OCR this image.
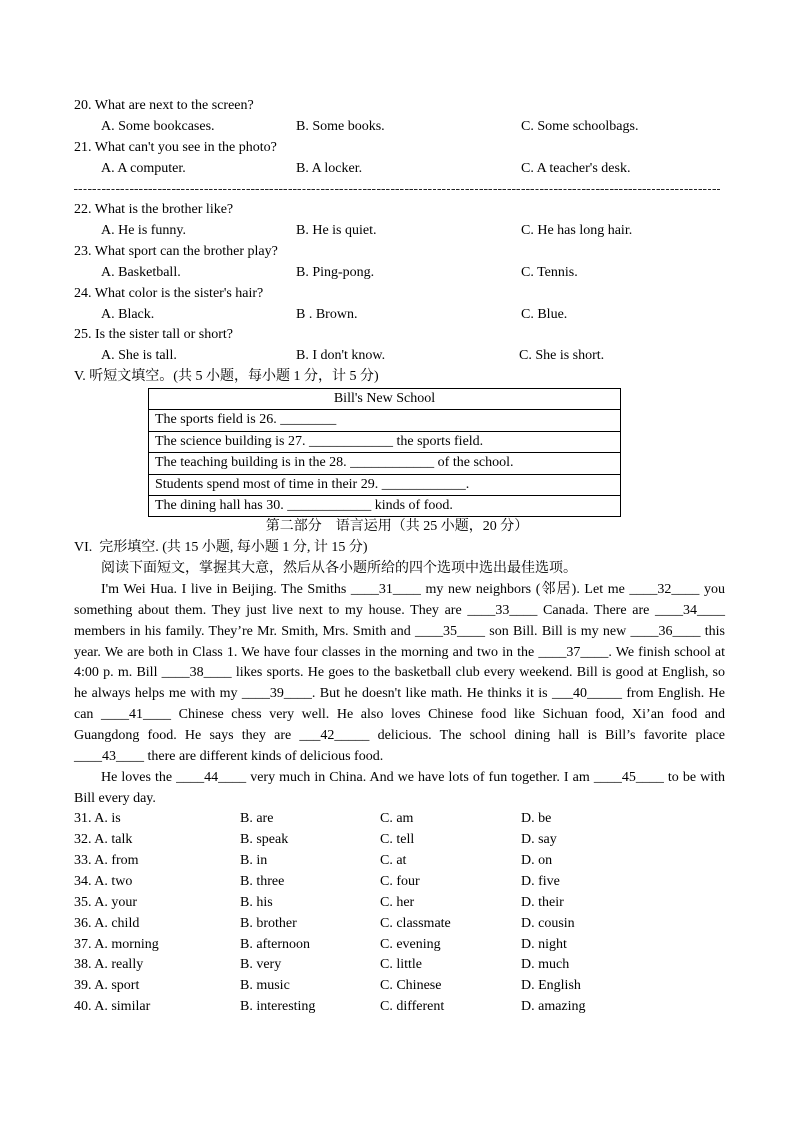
20. What are next to the screen?
A. Some bookcases.	B. Some books.	C. Some schoolbags.
21. What can't you see in the photo?
A. A computer.	B. A locker.	C. A teacher's desk.
22. What is the brother like?
A. He is funny.	B. He is quiet.	C. He has long hair.
23. What sport can the brother play?
A. Basketball.	B. Ping-pong.	C. Tennis.
24. What color is the sister's hair?
A. Black.	B . Brown.	C. Blue.
25. Is the sister tall or short?
A. She is tall.	B. I don't know.	C. She is short.
V. 听短文填空。(共 5 小题，每小题 1 分，计 5 分)
Bill's New School
The sports field is 26. ________
The science building is 27. ____________ the sports field.
The teaching building is in the 28. ____________ of the school.
Students spend most of time in their 29. ____________.
The dining hall has 30. ____________ kinds of food.
第二部分　语言运用（共 25 小题，20 分）
VI.  完形填空. (共 15 小题, 每小题 1 分, 计 15 分)
阅读下面短文，掌握其大意，然后从各小题所给的四个选项中选出最佳选项。
I'm Wei Hua. I live in Beijing. The Smiths ____31____ my new neighbors (邻居). Let me ____32____ you
something about them. They just live next to my house. They are ____33____ Canada. There are ____34____
members in his family. They’re Mr. Smith, Mrs. Smith and ____35____ son Bill. Bill is my new ____36____ this
year. We are both in Class 1. We have four classes in the morning and two in the ____37____. We finish school at
4:00 p. m. Bill ____38____ likes sports. He goes to the basketball club every weekend. Bill is good at English, so
he always helps me with my ____39____. But he doesn't like math. He thinks it is ___40_____ from English. He
can ____41____ Chinese chess very well. He also loves Chinese food like Sichuan food, Xi’an food and
Guangdong food. He says they are ___42_____ delicious. The school dining hall is Bill’s favorite place
____43____ there are different kinds of delicious food.
He loves the ____44____ very much in China. And we have lots of fun together. I am ____45____ to be with
Bill every day.
31. A. is	B. are	C. am	D. be
32. A. talk	B. speak	C. tell	D. say
33. A. from	B. in	C. at	D. on
34. A. two	B. three	C. four	D. five
35. A. your	B. his	C. her	D. their
36. A. child	B. brother	C. classmate	D. cousin
37. A. morning	B. afternoon	C. evening	D. night
38. A. really	B. very	C. little	D. much
39. A. sport	B. music	C. Chinese	D. English
40. A. similar	B. interesting	C. different	D. amazing
